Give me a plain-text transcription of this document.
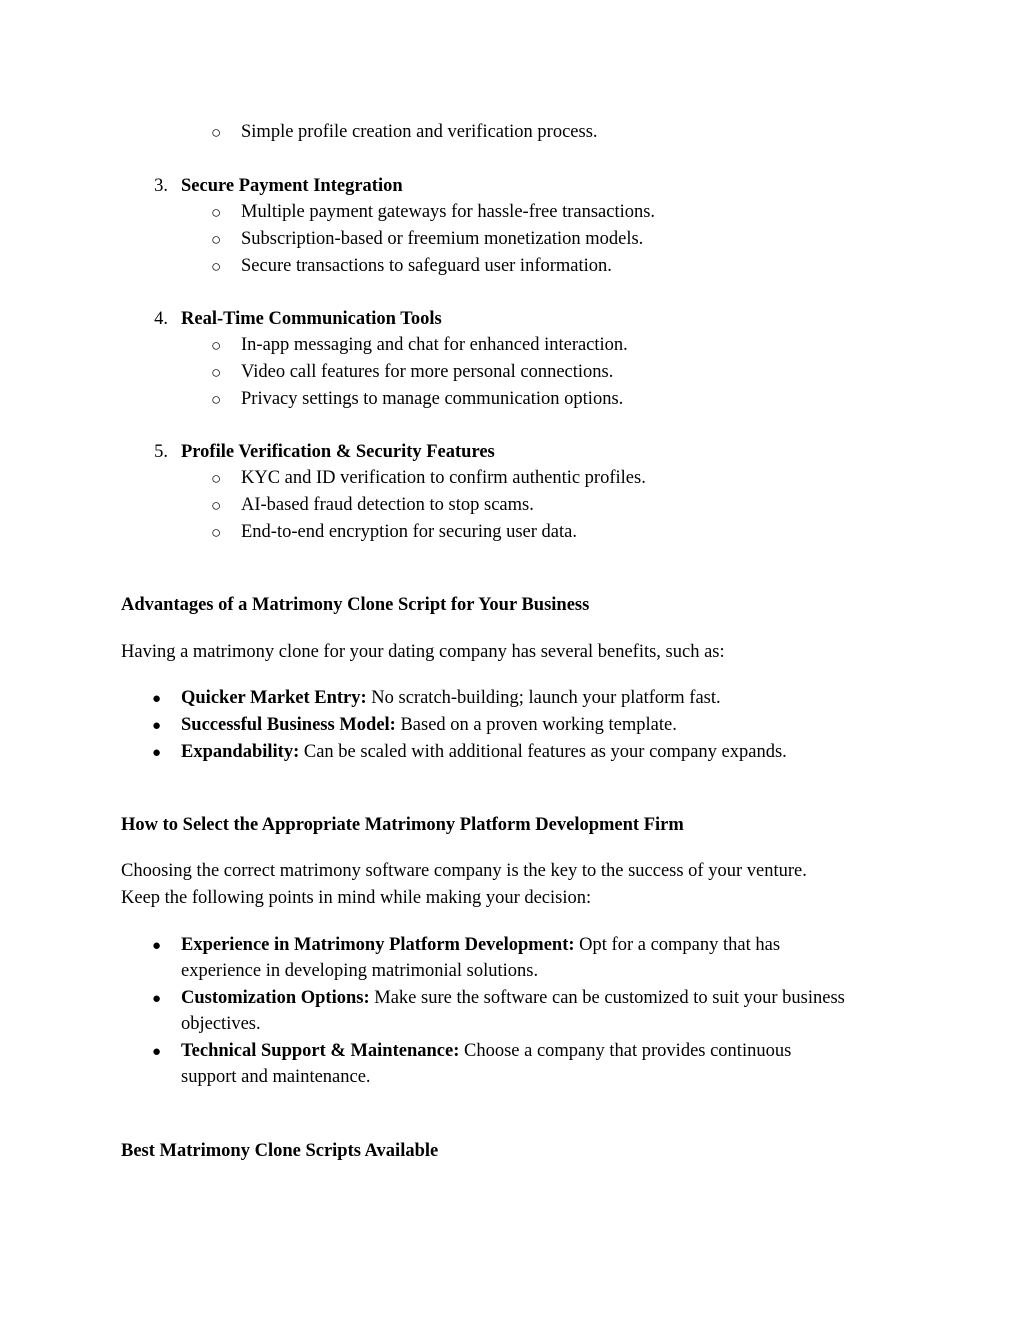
○ Simple profile creation and verification process.
3. Secure Payment Integration
○ Multiple payment gateways for hassle-free transactions.
○ Subscription-based or freemium monetization models.
○ Secure transactions to safeguard user information.
4. Real-Time Communication Tools
○ In-app messaging and chat for enhanced interaction.
○ Video call features for more personal connections.
○ Privacy settings to manage communication options.
5. Profile Verification & Security Features
○ KYC and ID verification to confirm authentic profiles.
○ AI-based fraud detection to stop scams.
○ End-to-end encryption for securing user data.
Advantages of a Matrimony Clone Script for Your Business
Having a matrimony clone for your dating company has several benefits, such as:
● Quicker Market Entry: No scratch-building; launch your platform fast.
● Successful Business Model: Based on a proven working template.
● Expandability: Can be scaled with additional features as your company expands.
How to Select the Appropriate Matrimony Platform Development Firm
Choosing the correct matrimony software company is the key to the success of your venture.
Keep the following points in mind while making your decision:
● Experience in Matrimony Platform Development: Opt for a company that has
experience in developing matrimonial solutions.
● Customization Options: Make sure the software can be customized to suit your business
objectives.
● Technical Support & Maintenance: Choose a company that provides continuous
support and maintenance.
Best Matrimony Clone Scripts Available
